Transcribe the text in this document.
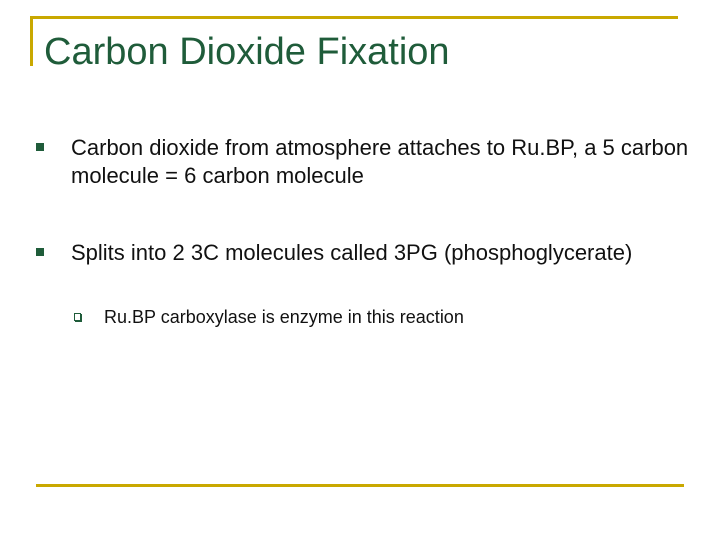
Carbon Dioxide Fixation
Carbon dioxide from atmosphere attaches to Ru.BP, a 5 carbon molecule = 6 carbon molecule
Splits into 2 3C molecules called 3PG (phosphoglycerate)
Ru.BP carboxylase is enzyme in this reaction
